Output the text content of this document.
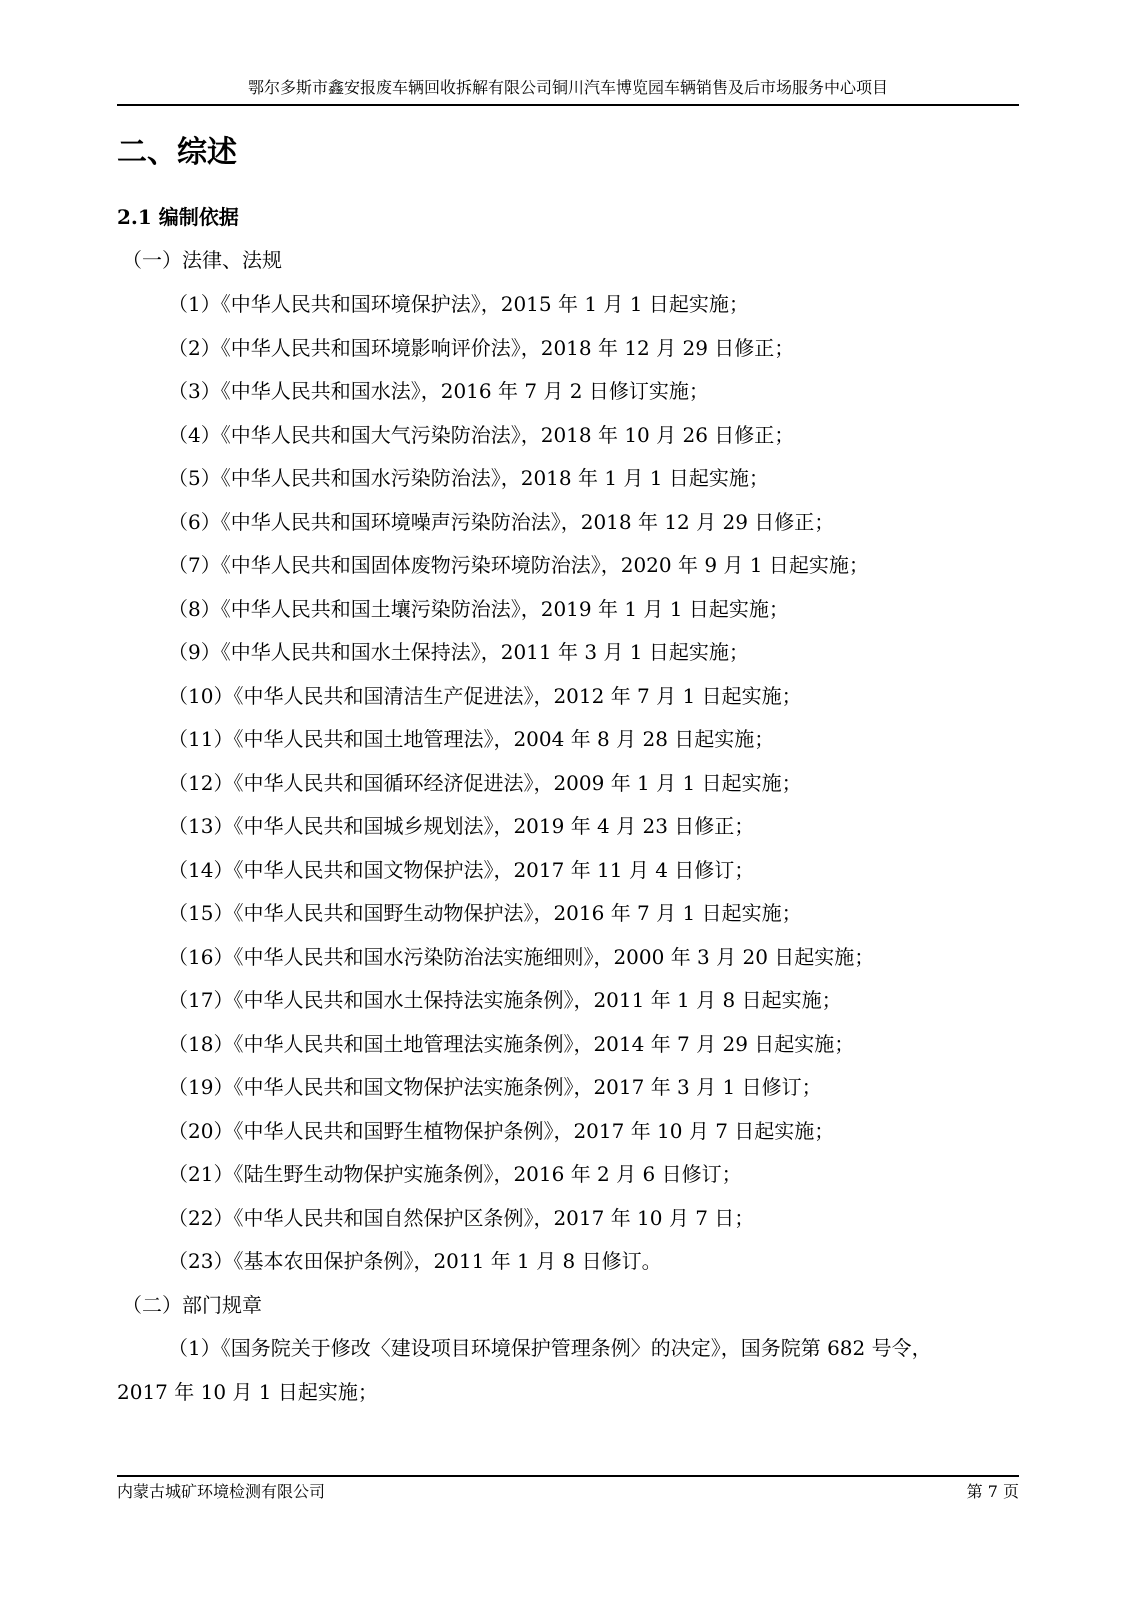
鄂尔多斯市鑫安报废车辆回收拆解有限公司铜川汽车博览园车辆销售及后市场服务中心项目
二、综述
2.1 编制依据
（一）法律、法规
（1）《中华人民共和国环境保护法》，2015 年 1 月 1 日起实施；
（2）《中华人民共和国环境影响评价法》，2018 年 12 月 29 日修正；
（3）《中华人民共和国水法》，2016 年 7 月 2 日修订实施；
（4）《中华人民共和国大气污染防治法》，2018 年 10 月 26 日修正；
（5）《中华人民共和国水污染防治法》，2018 年 1 月 1 日起实施；
（6）《中华人民共和国环境噪声污染防治法》，2018 年 12 月 29 日修正；
（7）《中华人民共和国固体废物污染环境防治法》，2020 年 9 月 1 日起实施；
（8）《中华人民共和国土壤污染防治法》，2019 年 1 月 1 日起实施；
（9）《中华人民共和国水土保持法》，2011 年 3 月 1 日起实施；
（10）《中华人民共和国清洁生产促进法》，2012 年 7 月 1 日起实施；
（11）《中华人民共和国土地管理法》，2004 年 8 月 28 日起实施；
（12）《中华人民共和国循环经济促进法》，2009 年 1 月 1 日起实施；
（13）《中华人民共和国城乡规划法》，2019 年 4 月 23 日修正；
（14）《中华人民共和国文物保护法》，2017 年 11 月 4 日修订；
（15）《中华人民共和国野生动物保护法》，2016 年 7 月 1 日起实施；
（16）《中华人民共和国水污染防治法实施细则》，2000 年 3 月 20 日起实施；
（17）《中华人民共和国水土保持法实施条例》，2011 年 1 月 8 日起实施；
（18）《中华人民共和国土地管理法实施条例》，2014 年 7 月 29 日起实施；
（19）《中华人民共和国文物保护法实施条例》，2017 年 3 月 1 日修订；
（20）《中华人民共和国野生植物保护条例》，2017 年 10 月 7 日起实施；
（21）《陆生野生动物保护实施条例》，2016 年 2 月 6 日修订；
（22）《中华人民共和国自然保护区条例》，2017 年 10 月 7 日；
（23）《基本农田保护条例》，2011 年 1 月 8 日修订。
（二）部门规章
（1）《国务院关于修改〈建设项目环境保护管理条例〉的决定》，国务院第 682 号令，
2017 年 10 月 1 日起实施；
内蒙古城矿环境检测有限公司	第 7 页
